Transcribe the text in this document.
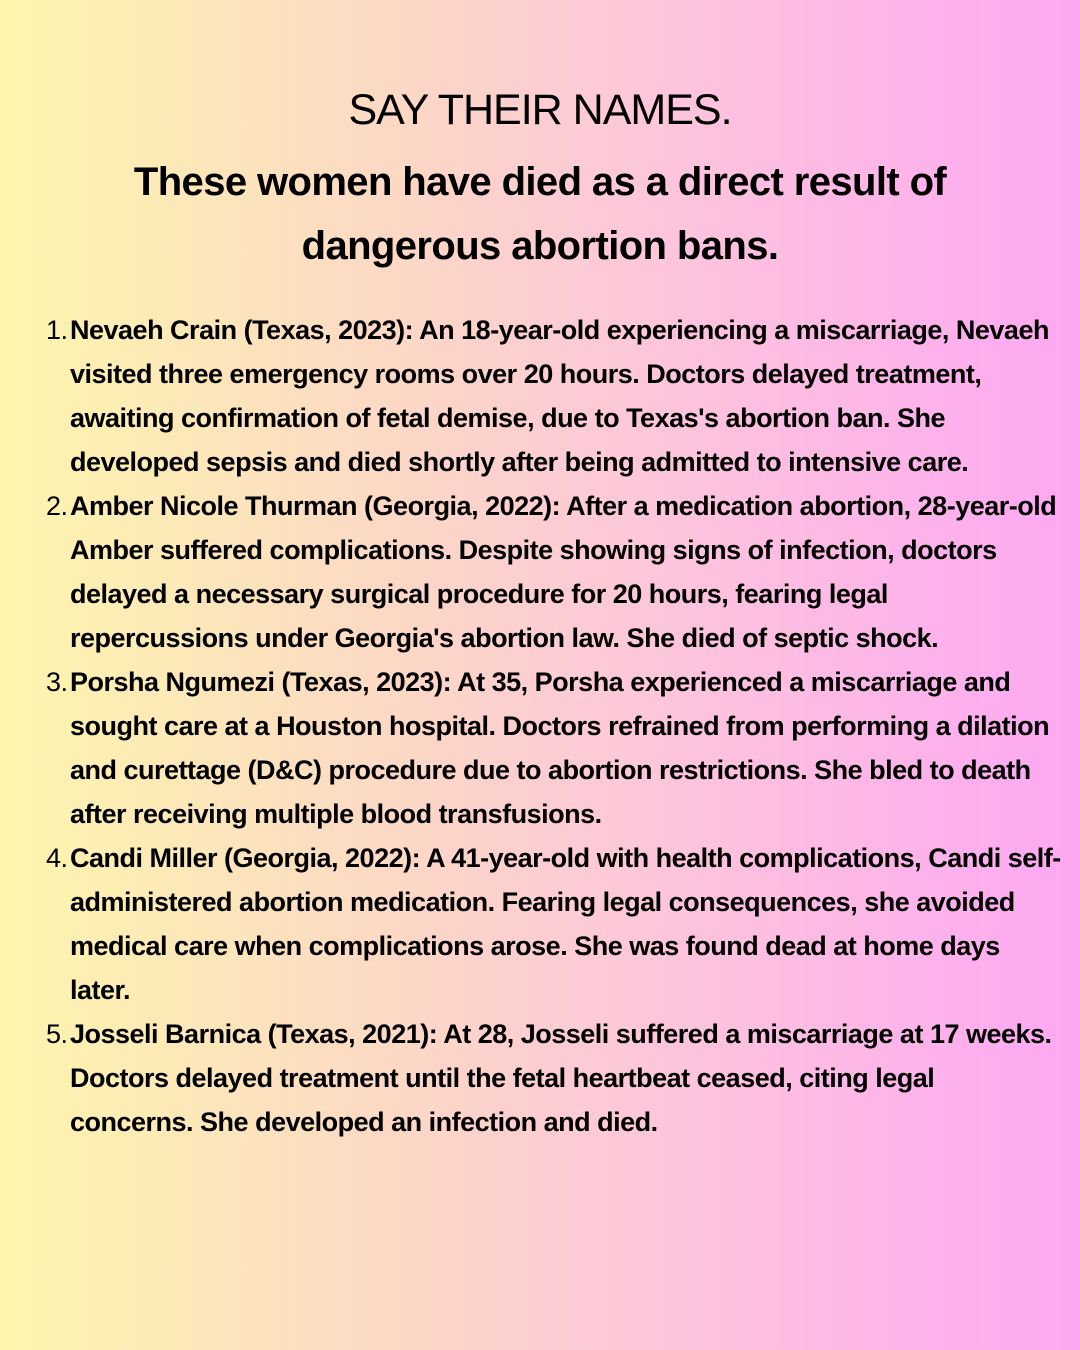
SAY THEIR NAMES.
These women have died as a direct result of dangerous abortion bans.
1. Nevaeh Crain (Texas, 2023): An 18-year-old experiencing a miscarriage, Nevaeh visited three emergency rooms over 20 hours. Doctors delayed treatment, awaiting confirmation of fetal demise, due to Texas's abortion ban. She developed sepsis and died shortly after being admitted to intensive care.
2. Amber Nicole Thurman (Georgia, 2022): After a medication abortion, 28-year-old Amber suffered complications. Despite showing signs of infection, doctors delayed a necessary surgical procedure for 20 hours, fearing legal repercussions under Georgia's abortion law. She died of septic shock.
3. Porsha Ngumezi (Texas, 2023): At 35, Porsha experienced a miscarriage and sought care at a Houston hospital. Doctors refrained from performing a dilation and curettage (D&C) procedure due to abortion restrictions. She bled to death after receiving multiple blood transfusions.
4. Candi Miller (Georgia, 2022): A 41-year-old with health complications, Candi self-administered abortion medication. Fearing legal consequences, she avoided medical care when complications arose. She was found dead at home days later.
5. Josseli Barnica (Texas, 2021): At 28, Josseli suffered a miscarriage at 17 weeks. Doctors delayed treatment until the fetal heartbeat ceased, citing legal concerns. She developed an infection and died.
